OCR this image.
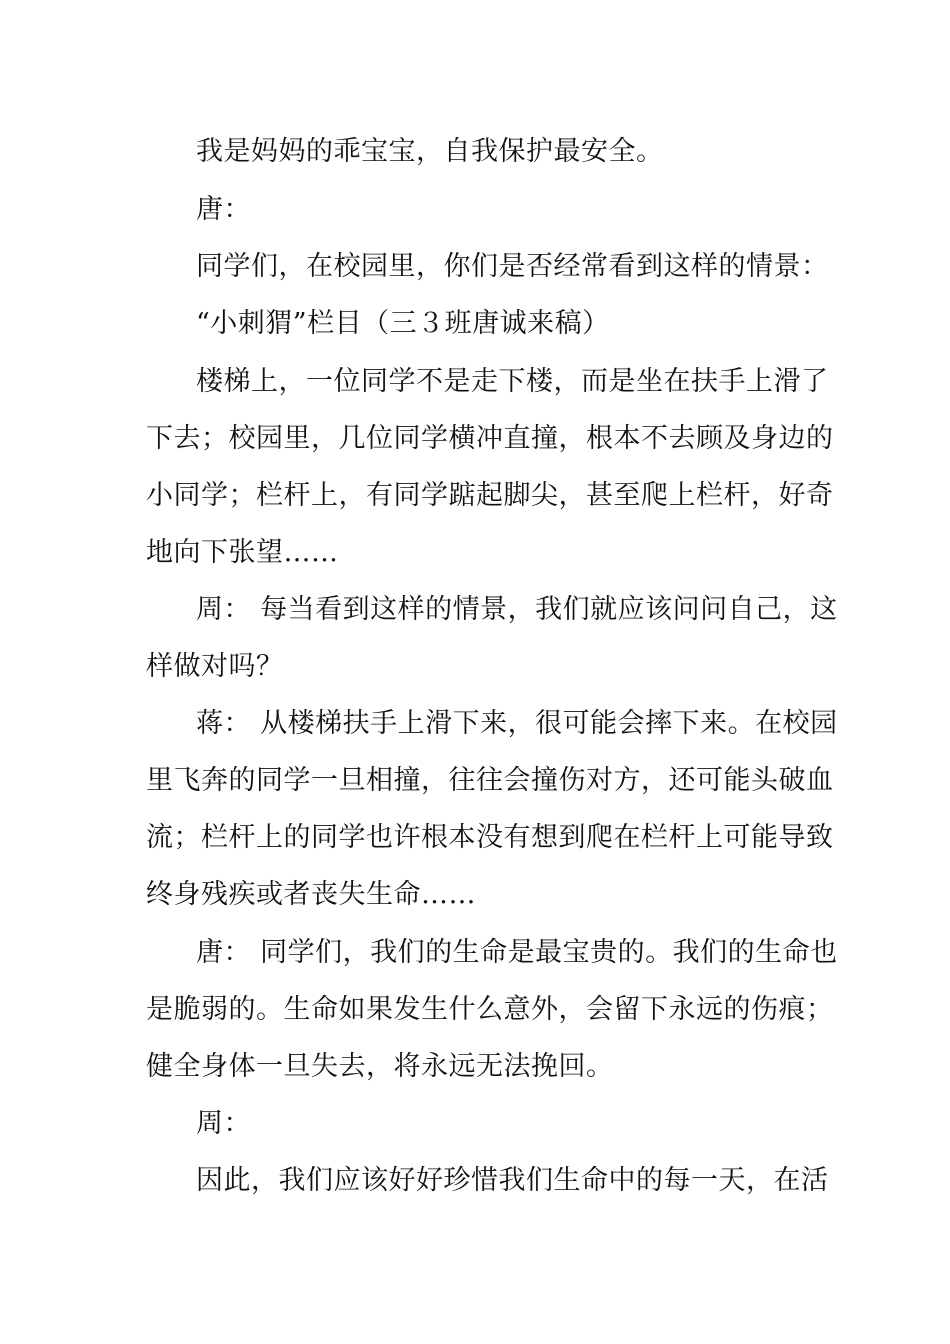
我是妈妈的乖宝宝，自我保护最安全。
唐：
同学们，在校园里，你们是否经常看到这样的情景：
“小刺猬”栏目（三３班唐诚来稿）
楼梯上，一位同学不是走下楼，而是坐在扶手上滑了
下去；校园里，几位同学横冲直撞，根本不去顾及身边的
小同学；栏杆上，有同学踮起脚尖，甚至爬上栏杆，好奇
地向下张望……
周： 每当看到这样的情景，我们就应该问问自己，这
样做对吗？
蒋： 从楼梯扶手上滑下来，很可能会摔下来。在校园
里飞奔的同学一旦相撞，往往会撞伤对方，还可能头破血
流；栏杆上的同学也许根本没有想到爬在栏杆上可能导致
终身残疾或者丧失生命……
唐： 同学们，我们的生命是最宝贵的。我们的生命也
是脆弱的。生命如果发生什么意外，会留下永远的伤痕；
健全身体一旦失去，将永远无法挽回。
周：
因此，我们应该好好珍惜我们生命中的每一天，在活
